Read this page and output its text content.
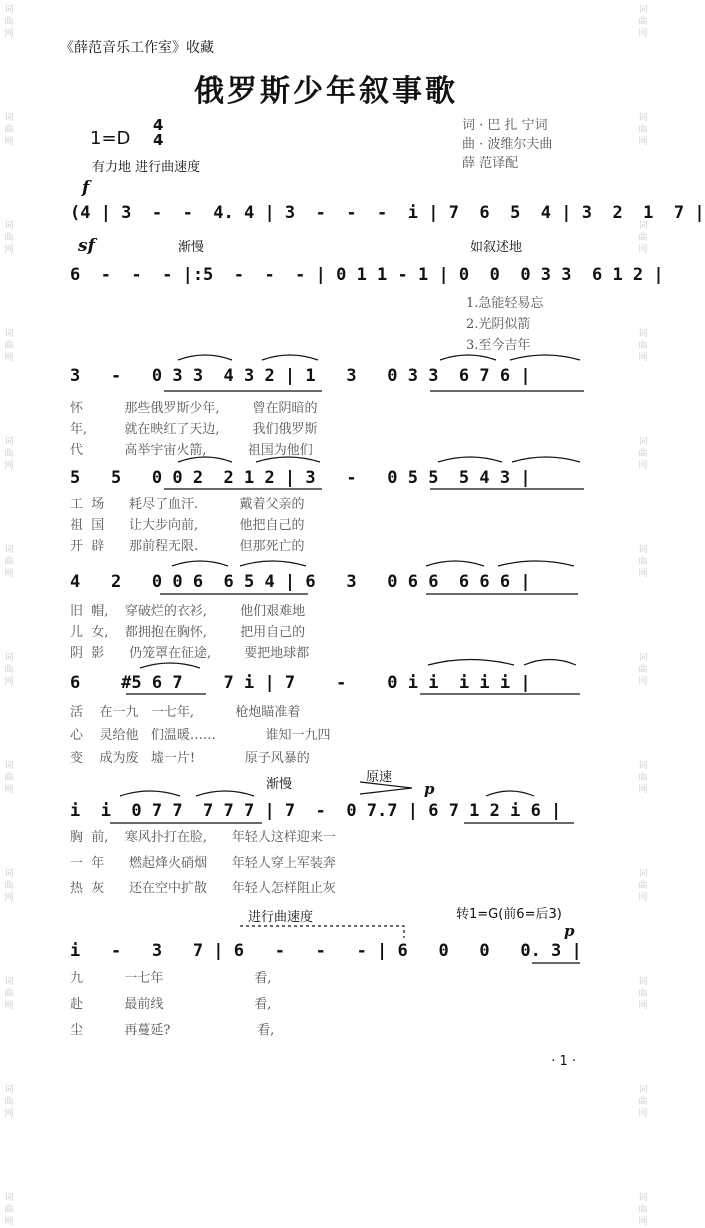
词
曲
网

词
曲
网

词
曲
网

词
曲
网

词
曲
网

词
曲
网

词
曲
网

词
曲
网

词
曲
网

词
曲
网

词
曲
网

词
曲
网
词
曲
网

词
曲
网

词
曲
网

词
曲
网

词
曲
网

词
曲
网

词
曲
网

词
曲
网

词
曲
网

词
曲
网

词
曲
网

词
曲
网
《薛范音乐工作室》收藏
俄罗斯少年叙事歌
1=D
4
4
有力地 进行曲速度
词 · 巴 扎 宁词
曲 · 波维尔夫曲
薛 范译配
f
sf	渐慢	如叙述地
渐慢	原速
p
转1=G(前6=后3)
进行曲速度
p
(4 | 3  -  -  4. 4 | 3  -  -  -  i | 7  6  5  4 | 3  2  1  7 |
6  -  -  - |:5  -  -  - | 0 1 1 - 1 | 0  0  0 3 3  6 1 2 |
1.急能轻易忘
2.光阴似箭
3.至今吉年
3   -   0 3 3  4 3 2 | 1   3   0 3 3  6 7 6 |
怀          那些俄罗斯少年,        曾在阴暗的
年,         就在映红了天边,        我们俄罗斯
代          高举宇宙火箭,          祖国为他们
5   5   0 0 2  2 1 2 | 3   -   0 5 5  5 4 3 |
工  场      耗尽了血汗.          戴着父亲的
祖  国      让大步向前,          他把自己的
开  辟      那前程无限.          但那死亡的
4   2   0 0 6  6 5 4 | 6   3   0 6 6  6 6 6 |
旧  帽,    穿破烂的衣衫,        他们艰难地
儿  女,    都拥抱在胸怀,        把用自己的
阴  影      仍笼罩在征途,        要把地球都
6    #5 6 7    7 i | 7    -    0 i i  i i i |
活    在一九   一七年,          枪炮瞄准着
心    灵给他   们温暖……            谁知一九四
变    成为废   墟一片!            原子风暴的
i  i  0 7 7  7 7 7 | 7  -  0 7.7 | 6 7 1 2 i 6 |
胸  前,    寒风扑打在脸,      年轻人这样迎来一
一  年      燃起烽火硝烟      年轻人穿上军装奔
热  灰      还在空中扩散      年轻人怎样阻止灰
i   -   3   7 | 6   -   -   - | 6   0   0   0. 3 |
九          一七年                      看,
赴          最前线                      看,
尘          再蔓延?                     看,
· 1 ·
